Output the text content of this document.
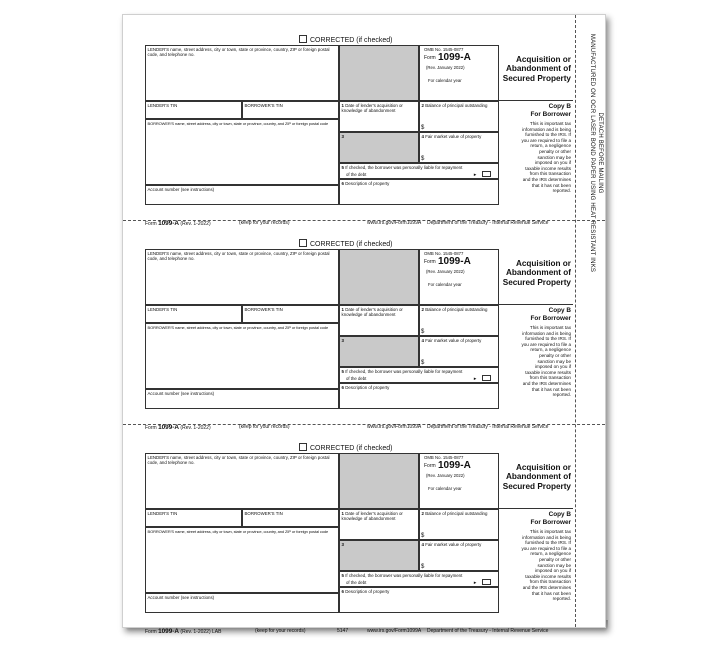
DETACH BEFORE MAILING
MANUFACTURED ON OCR LASER BOND PAPER USING HEAT RESISTANT INKS
CORRECTED (if checked)
LENDER'S name, street address, city or town, state or province, country, ZIP or foreign postal code, and telephone no.
OMB No. 1545-0877
Form 1099-A
(Rev. January 2022)
For calendar year
Acquisition or
Abandonment of
Secured Property
LENDER'S TIN	BORROWER'S TIN
BORROWER'S name, street address, city or town, state or province, country, and ZIP or foreign postal code
Account number (see instructions)
1 Date of lender's acquisition or knowledge of abandonment
2 Balance of principal outstanding
$
3	4 Fair market value of property
$
5 If checked, the borrower was personally liable for repayment
of the debt	►
6 Description of property
Copy B
For Borrower
This is important tax
information and is being
furnished to the IRS. If
you are required to file a
return, a negligence
penalty or other
sanction may be
imposed on you if
taxable income results
from this transaction
and the IRS determines
that it has not been
reported.
Form 1099-A (Rev. 1-2022)	(keep for your records)	www.irs.gov/Form1099A Department of the Treasury - Internal Revenue Service
CORRECTED (if checked)
LENDER'S name, street address, city or town, state or province, country, ZIP or foreign postal code, and telephone no.
OMB No. 1545-0877
Form 1099-A
(Rev. January 2022)
For calendar year
Acquisition or
Abandonment of
Secured Property
LENDER'S TIN	BORROWER'S TIN
BORROWER'S name, street address, city or town, state or province, country, and ZIP or foreign postal code
Account number (see instructions)
1 Date of lender's acquisition or knowledge of abandonment
2 Balance of principal outstanding
$
3	4 Fair market value of property
$
5 If checked, the borrower was personally liable for repayment
of the debt	►
6 Description of property
Copy B
For Borrower
This is important tax
information and is being
furnished to the IRS. If
you are required to file a
return, a negligence
penalty or other
sanction may be
imposed on you if
taxable income results
from this transaction
and the IRS determines
that it has not been
reported.
Form 1099-A (Rev. 1-2022)	(keep for your records)	www.irs.gov/Form1099A Department of the Treasury - Internal Revenue Service
CORRECTED (if checked)
LENDER'S name, street address, city or town, state or province, country, ZIP or foreign postal code, and telephone no.
OMB No. 1545-0877
Form 1099-A
(Rev. January 2022)
For calendar year
Acquisition or
Abandonment of
Secured Property
LENDER'S TIN	BORROWER'S TIN
BORROWER'S name, street address, city or town, state or province, country, and ZIP or foreign postal code
Account number (see instructions)
1 Date of lender's acquisition or knowledge of abandonment
2 Balance of principal outstanding
$
3	4 Fair market value of property
$
5 If checked, the borrower was personally liable for repayment
of the debt	►
6 Description of property
Copy B
For Borrower
This is important tax
information and is being
furnished to the IRS. If
you are required to file a
return, a negligence
penalty or other
sanction may be
imposed on you if
taxable income results
from this transaction
and the IRS determines
that it has not been
reported.
Form 1099-A (Rev. 1-2022) LAB	(keep for your records)	5147	www.irs.gov/Form1099A Department of the Treasury - Internal Revenue Service
